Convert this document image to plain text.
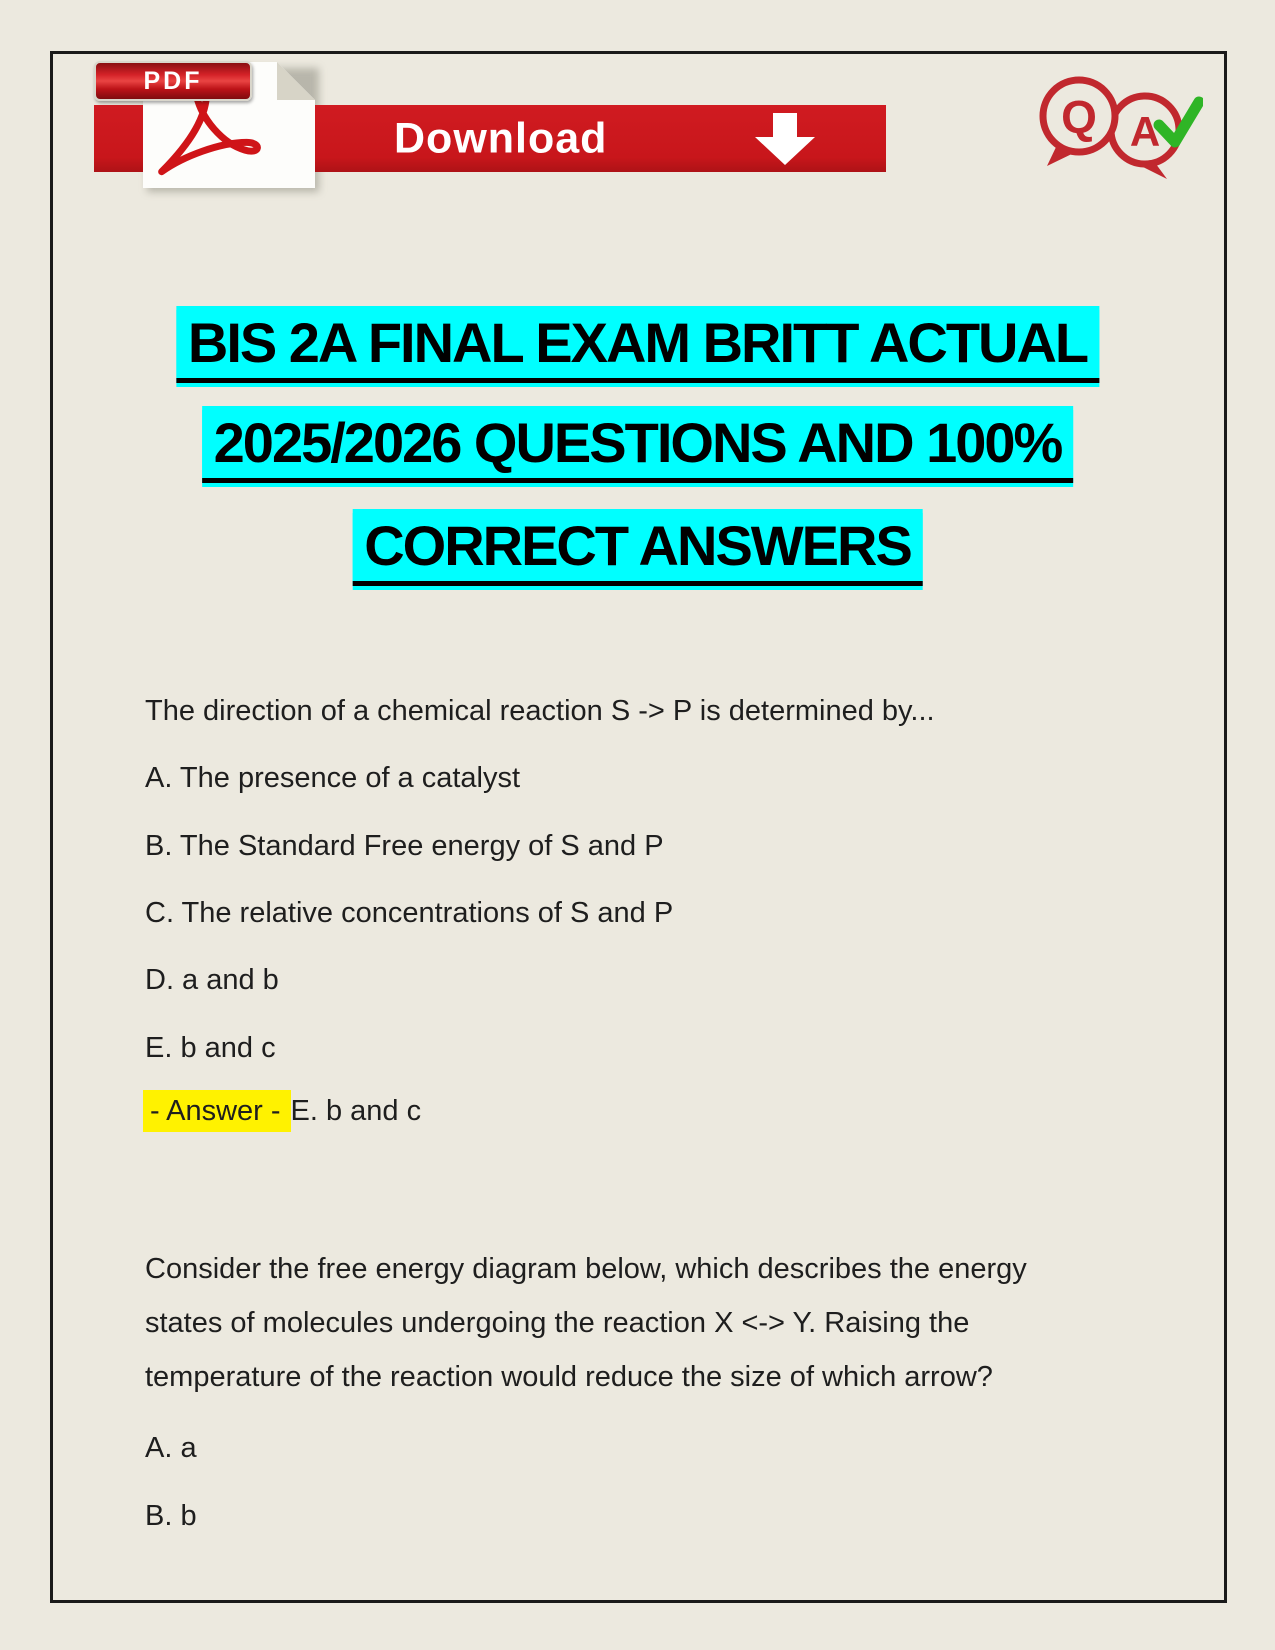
Download
PDF
A
Q
BIS 2A FINAL EXAM BRITT ACTUAL
2025/2026 QUESTIONS AND 100%
CORRECT ANSWERS
The direction of a chemical reaction S -> P is determined by...
A. The presence of a catalyst
B. The Standard Free energy of S and P
C. The relative concentrations of S and P
D. a and b
E. b and c
- Answer - E. b and c
Consider the free energy diagram below, which describes the energy
states of molecules undergoing the reaction X <-> Y. Raising the
temperature of the reaction would reduce the size of which arrow?
A. a
B. b
